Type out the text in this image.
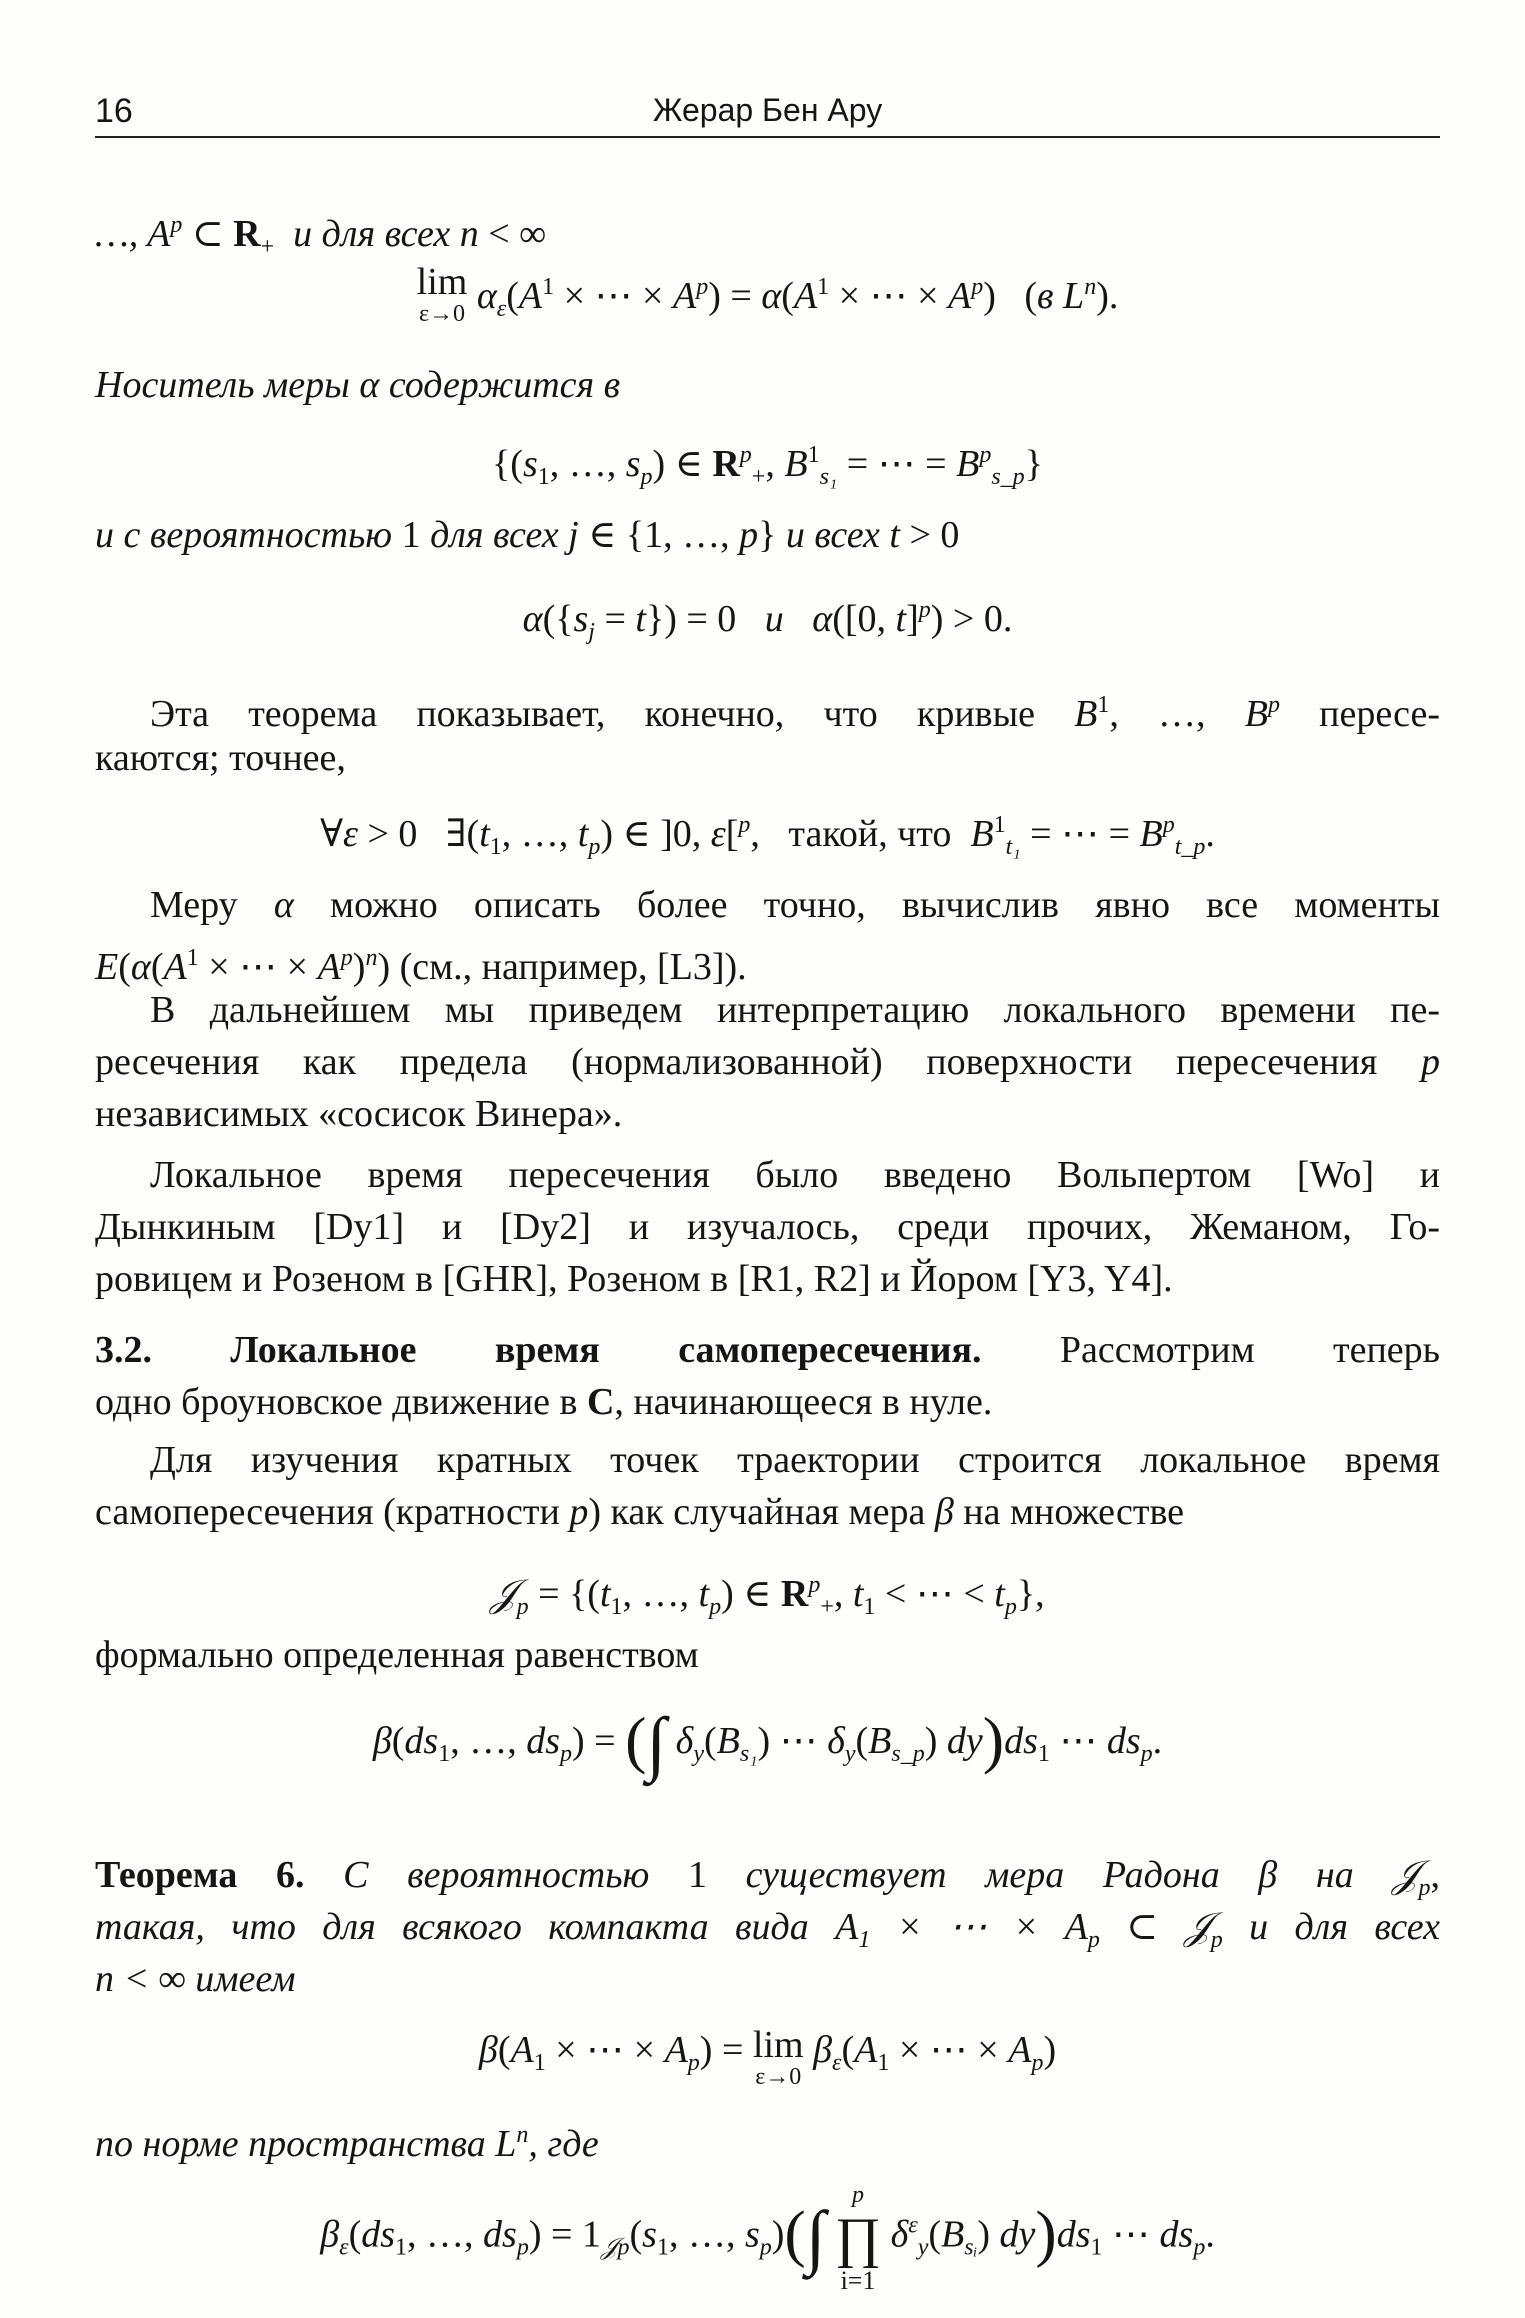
16	Жерар Бен Ару
…, $A^p$ ⊂ $R_+$ и для всех n < ∞
lim
ε→0 $\alpha_\varepsilon(A^1$ × ⋯ × $A^p) = \alpha(A^1$ × ⋯ × $A^p$)   (в $L^n$).
Носитель меры α содержится в
{($s_1$, …, $s_p$) ∈ $R^p_+$, $B^1_{s_1}$ = ⋯ = $B^p_{s\_p}$}
и с вероятностью 1 для всех j ∈ {1, …, p} и всех t > 0
$\alpha(\{s_j = t\}) = 0$   и α([0, t]$^p$) > 0.
Эта теорема показывает, конечно, что кривые $B^1$, …, $B^p$ пересе-
каются; точнее,
∀ε > 0   $\exists(t_1$, …, $t_p$) ∈ ]0, ε[$^p$,   такой, что  $B^1_{t_1}$ = ⋯ = $B^p_{t\_p}$.
Меру α можно описать более точно, вычислив явно все моменты
$E(\alpha(A^1$ × ⋯ × $A^p)^n$) (см., например, [L3]).
В дальнейшем мы приведем интерпретацию локального времени пе-
ресечения как предела (нормализованной) поверхности пересечения p
независимых «сосисок Винера».
Локальное время пересечения было введено Вольпертом [Wo] и
Дынкиным [Dy1] и [Dy2] и изучалось, среди прочих, Жеманом, Го-
ровицем и Розеном в [GHR], Розеном в [R1, R2] и Йором [Y3, Y4].
3.2. Локальное время самопересечения. Рассмотрим теперь
одно броуновское движение в C, начинающееся в нуле.
Для изучения кратных точек траектории строится локальное время
самопересечения (кратности p) как случайная мера β на множестве
𝒥$_p$ = {($t_1$, …, $t_p$) ∈ $R^p_+$, $t_1$ < ⋯ < $t_p$},
формально определенная равенством
$\beta(ds_1$, …, $ds_p$) = (∫ $\delta_y(B_{s_1})$ ⋯ $\delta_y(B_{s\_p})$ $dy)ds_1$ ⋯ $ds_p$.
Теорема 6. С вероятностью 1 существует мера Радона β на 𝒥$_p$,
такая, что для всякого компакта вида $A_1$ × ⋯ × $A_p$ ⊂ 𝒥$_p$ и для всех
n < ∞ имеем
$\beta(A_1$ × ⋯ × $A_p) = \lim$
ε→0
$\beta_\varepsilon(A_1$ × ⋯ × $A_p$)
по норме пространства $L^n$, где
$\beta_\varepsilon(ds_1$, …, $ds_p) = 1_{𝒥p}(s_1$, …, $s_p)(\int$
p
∏
i=1
$\delta^\varepsilon_y(B_{sᵢ})$ $dy)ds_1$ ⋯ $ds_p$.
